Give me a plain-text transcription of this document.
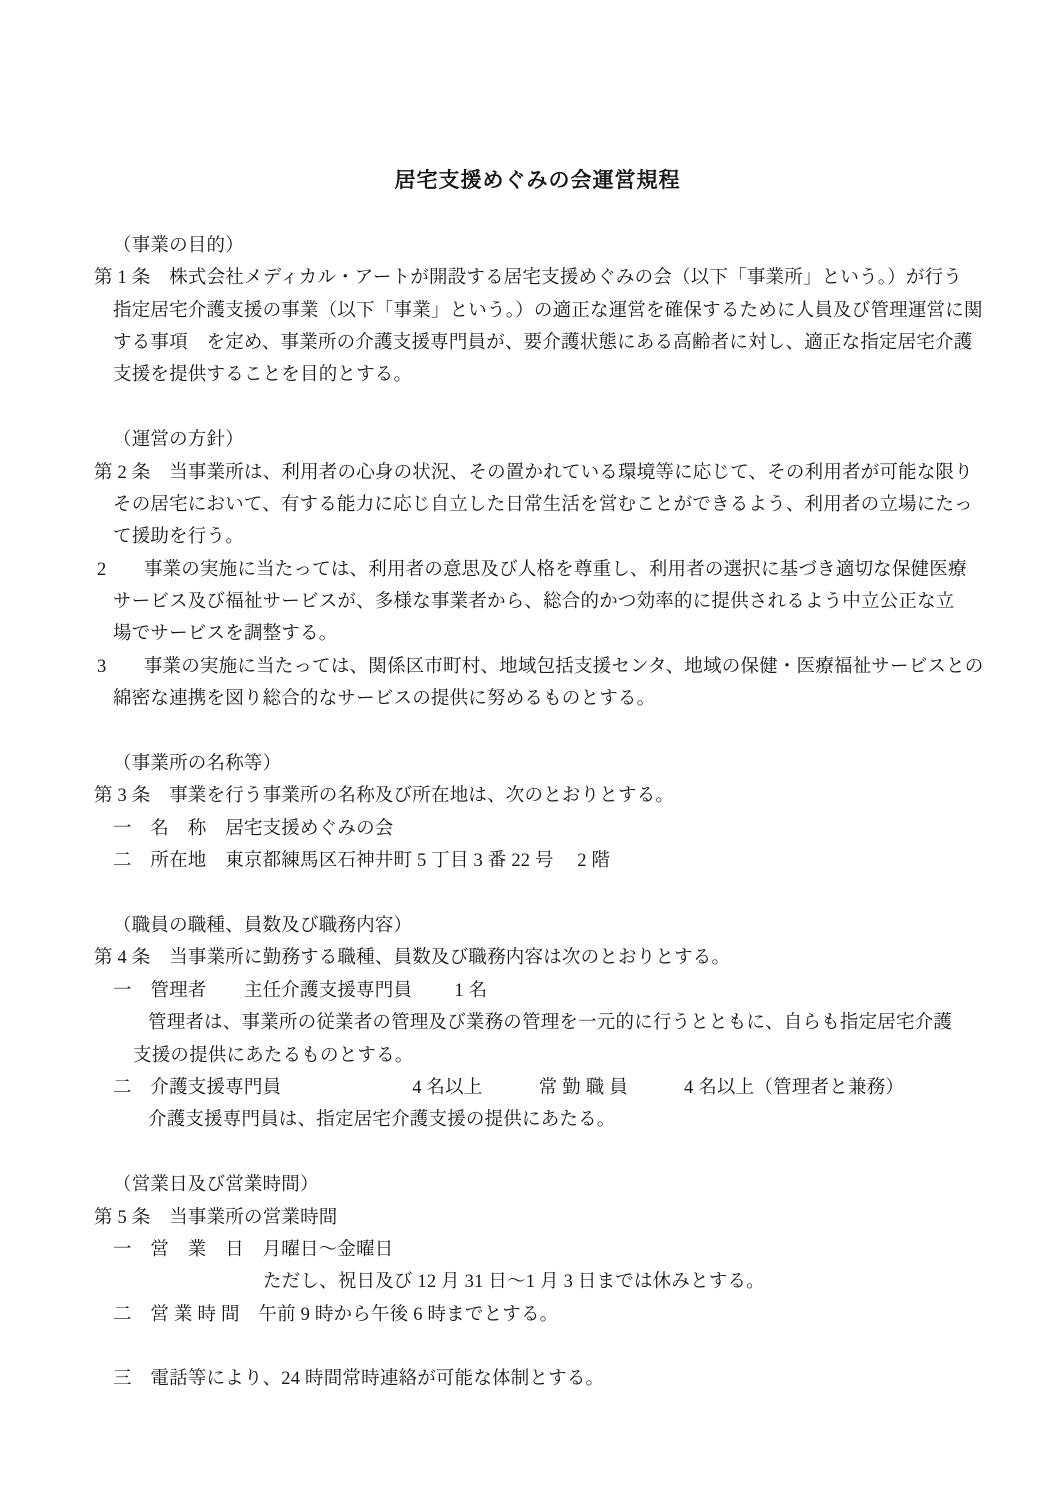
居宅支援めぐみの会運営規程
（事業の目的）
第 1 条　株式会社メディカル・アートが開設する居宅支援めぐみの会（以下「事業所」という。）が行う
指定居宅介護支援の事業（以下「事業」という。）の適正な運営を確保するために人員及び管理運営に関
する事項　を定め、事業所の介護支援専門員が、要介護状態にある高齢者に対し、適正な指定居宅介護
支援を提供することを目的とする。
（運営の方針）
第 2 条　当事業所は、利用者の心身の状況、その置かれている環境等に応じて、その利用者が可能な限り
その居宅において、有する能力に応じ自立した日常生活を営むことができるよう、利用者の立場にたっ
て援助を行う。
2　　事業の実施に当たっては、利用者の意思及び人格を尊重し、利用者の選択に基づき適切な保健医療
サービス及び福祉サービスが、多様な事業者から、総合的かつ効率的に提供されるよう中立公正な立
場でサービスを調整する。
3　　事業の実施に当たっては、関係区市町村、地域包括支援センタ、地域の保健・医療福祉サービスとの
綿密な連携を図り総合的なサービスの提供に努めるものとする。
（事業所の名称等）
第 3 条　事業を行う事業所の名称及び所在地は、次のとおりとする。
一　名　称　居宅支援めぐみの会
二　所在地　東京都練馬区石神井町 5 丁目 3 番 22 号　 2 階
（職員の職種、員数及び職務内容）
第 4 条　当事業所に勤務する職種、員数及び職務内容は次のとおりとする。
一　管理者　　主任介護支援専門員　　 1 名
管理者は、事業所の従業者の管理及び業務の管理を一元的に行うとともに、自らも指定居宅介護
支援の提供にあたるものとする。
二　介護支援専門員　　　　　　　4 名以上　　　常 勤 職 員　　　4 名以上（管理者と兼務）
介護支援専門員は、指定居宅介護支援の提供にあたる。
（営業日及び営業時間）
第 5 条　当事業所の営業時間
一　営　業　日　月曜日～金曜日
ただし、祝日及び 12 月 31 日～1 月 3 日までは休みとする。
二　営 業 時 間　午前 9 時から午後 6 時までとする。
三　電話等により、24 時間常時連絡が可能な体制とする。
